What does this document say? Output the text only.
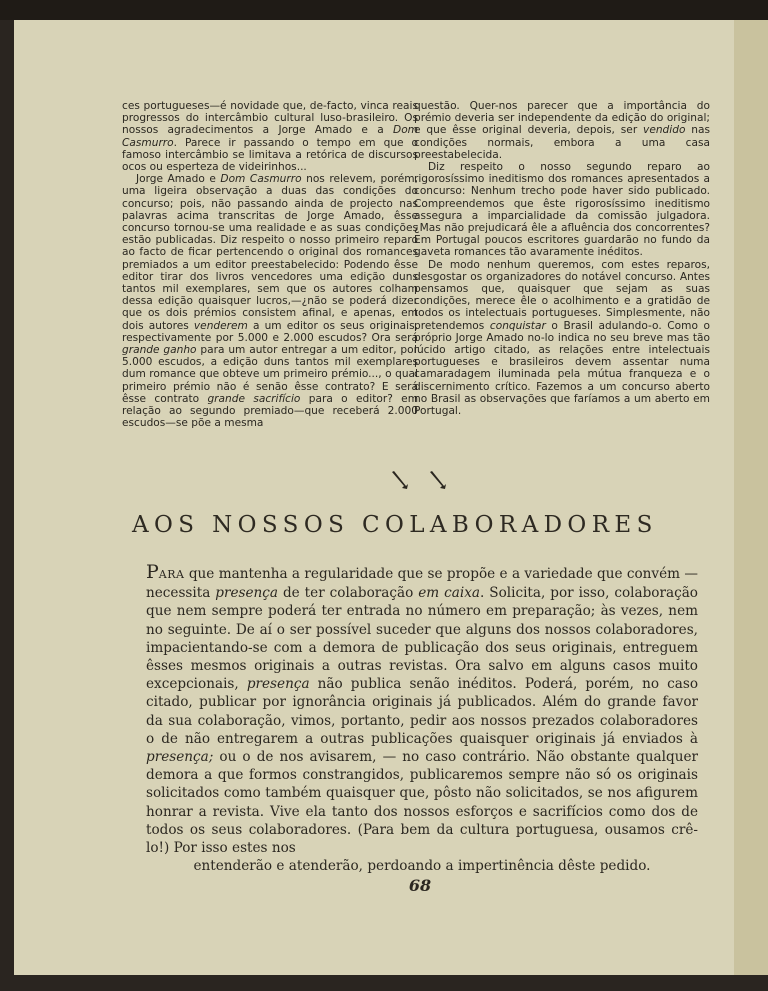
ces portugueses—é novidade que, de-facto, vinca reais progressos do intercâmbio cultural luso-brasileiro. Os nossos agradecimentos a Jorge Amado e a Dom Casmurro. Parece ir passando o tempo em que o famoso intercâmbio se limitava a retórica de discursos ocos ou esperteza de videirinhos...

Jorge Amado e Dom Casmurro nos relevem, porém, uma ligeira observação a duas das condições do concurso; pois, não passando ainda de projecto nas palavras acima transcritas de Jorge Amado, êsse concurso tornou-se uma realidade e as suas condições estão publicadas. Diz respeito o nosso primeiro reparo ao facto de ficar pertencendo o original dos romances premiados a um editor preestabelecido: Podendo êsse editor tirar dos livros vencedores uma edição duns tantos mil exemplares, sem que os autores colham dessa edição quaisquer lucros,—¿não se poderá dizer que os dois prémios consistem afinal, e apenas, em dois autores venderem a um editor os seus originais, respectivamente por 5.000 e 2.000 escudos? Ora será grande ganho para um autor entregar a um editor, por 5.000 escudos, a edição duns tantos mil exemplares dum romance que obteve um primeiro prémio..., o qual primeiro prémio não é senão êsse contrato? E será êsse contrato grande sacrifício para o editor? em relação ao segundo premiado—que receberá 2.000 escudos—se põe a mesma

questão. Quer-nos parecer que a importância do prémio deveria ser independente da edição do original; e que êsse original deveria, depois, ser vendido nas condições normais, embora a uma casa preestabelecida.

Diz respeito o nosso segundo reparo ao rigorosíssimo ineditismo dos romances apresentados a concurso: Nenhum trecho pode haver sido publicado. Compreendemos que êste rigorosíssimo ineditismo assegura a imparcialidade da comissão julgadora. ¿Mas não prejudicará êle a afluência dos concorrentes? Em Portugal poucos escritores guardarão no fundo da gaveta romances tão avaramente inéditos.

De modo nenhum queremos, com estes reparos, desgostar os organizadores do notável concurso. Antes pensamos que, quaisquer que sejam as suas condições, merece êle o acolhimento e a gratidão de todos os intelectuais portugueses. Simplesmente, não pretendemos conquistar o Brasil adulando-o. Como o próprio Jorge Amado no-lo indica no seu breve mas tão lúcido artigo citado, as relações entre intelectuais portugueses e brasileiros devem assentar numa camaradagem iluminada pela mútua franqueza e o discernimento crítico. Fazemos a um concurso aberto no Brasil as observações que faríamos a um aberto em Portugal.

AOS NOSSOS COLABORADORES

PARA que mantenha a regularidade que se propõe e a variedade que convém — necessita presença de ter colaboração em caixa. Solicita, por isso, colaboração que nem sempre poderá ter entrada no número em preparação; às vezes, nem no seguinte. De aí o ser possível suceder que alguns dos nossos colaboradores, impacientando-se com a demora de publicação dos seus originais, entreguem êsses mesmos originais a outras revistas. Ora salvo em alguns casos muito excepcionais, presença não publica senão inéditos. Poderá, porém, no caso citado, publicar por ignorância originais já publicados. Além do grande favor da sua colaboração, vimos, portanto, pedir aos nossos prezados colaboradores o de não entregarem a outras publicações quaisquer originais já enviados à presença; ou o de nos avisarem, — no caso contrário. Não obstante qualquer demora a que formos constrangidos, publicaremos sempre não só os originais solicitados como também quaisquer que, pôsto não solicitados, se nos afigurem honrar a revista. Vive ela tanto dos nossos esforços e sacrifícios como dos de todos os seus colaboradores. (Para bem da cultura portuguesa, ousamos crê-lo!) Por isso estes nos
entenderão e atenderão, perdoando a impertinência dêste pedido.

68
